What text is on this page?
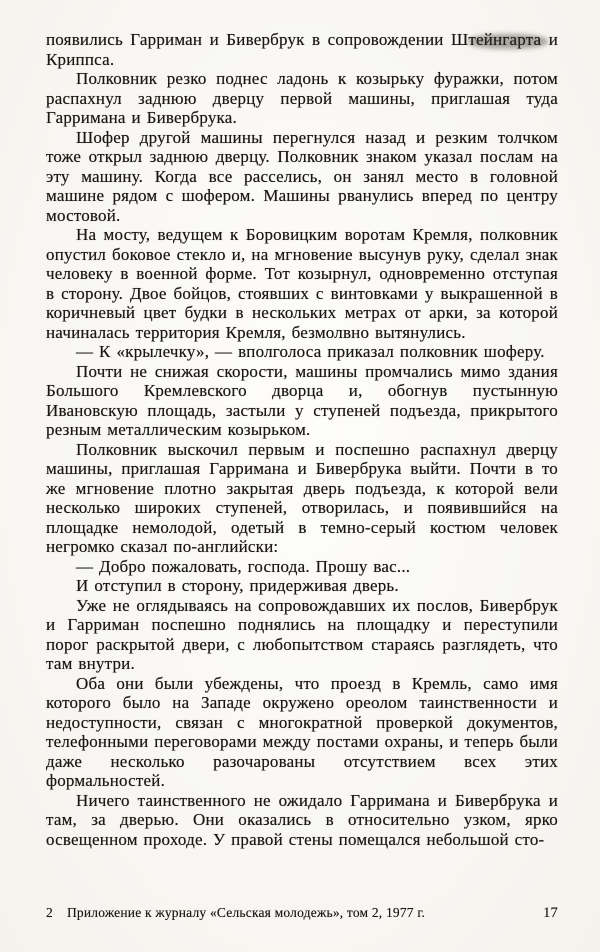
появились Гарриман и Бивербрук в сопровождении Штейнгарта и Криппса.

Полковник резко поднес ладонь к козырьку фуражки, потом распахнул заднюю дверцу первой машины, приглашая туда Гарримана и Бивербрука.

Шофер другой машины перегнулся назад и резким толчком тоже открыл заднюю дверцу. Полковник знаком указал послам на эту машину. Когда все расселись, он занял место в головной машине рядом с шофером. Машины рванулись вперед по центру мостовой.

На мосту, ведущем к Боровицким воротам Кремля, полковник опустил боковое стекло и, на мгновение высунув руку, сделал знак человеку в военной форме. Тот козырнул, одновременно отступая в сторону. Двое бойцов, стоявших с винтовками у выкрашенной в коричневый цвет будки в нескольких метрах от арки, за которой начиналась территория Кремля, безмолвно вытянулись.

— К «крылечку», — вполголоса приказал полковник шоферу.

Почти не снижая скорости, машины промчались мимо здания Большого Кремлевского дворца и, обогнув пустынную Ивановскую площадь, застыли у ступеней подъезда, прикрытого резным металлическим козырьком.

Полковник выскочил первым и поспешно распахнул дверцу машины, приглашая Гарримана и Бивербрука выйти. Почти в то же мгновение плотно закрытая дверь подъезда, к которой вели несколько широких ступеней, отворилась, и появившийся на площадке немолодой, одетый в темно-серый костюм человек негромко сказал по-английски:

— Добро пожаловать, господа. Прошу вас...

И отступил в сторону, придерживая дверь.

Уже не оглядываясь на сопровождавших их послов, Бивербрук и Гарриман поспешно поднялись на площадку и переступили порог раскрытой двери, с любопытством стараясь разглядеть, что там внутри.

Оба они были убеждены, что проезд в Кремль, само имя которого было на Западе окружено ореолом таинственности и недоступности, связан с многократной проверкой документов, телефонными переговорами между постами охраны, и теперь были даже несколько разочарованы отсутствием всех этих формальностей.

Ничего таинственного не ожидало Гарримана и Бивербрука и там, за дверью. Они оказались в относительно узком, ярко освещенном проходе. У правой стены помещался небольшой сто-

2 Приложение к журналу «Сельская молодежь», том 2, 1977 г.	17
